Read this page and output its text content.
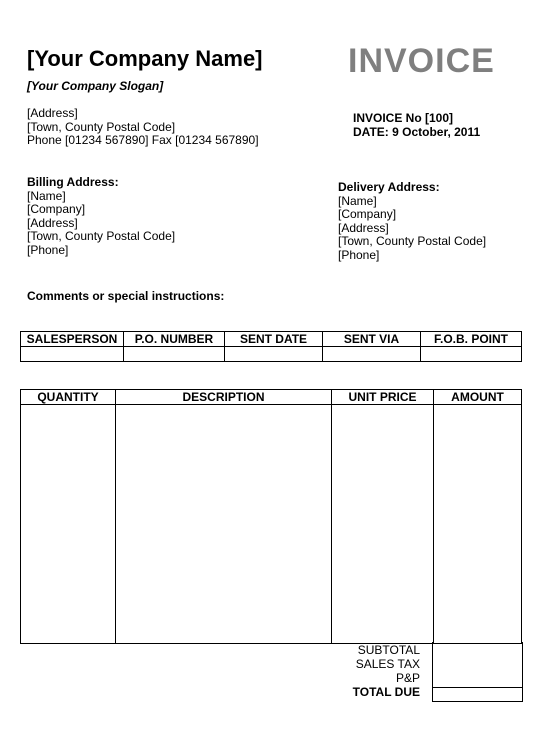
[Your Company Name]	INVOICE
[Your Company Slogan]
[Address]
[Town, County Postal Code]
Phone [01234 567890] Fax [01234 567890]
INVOICE No [100]
DATE: 9 October, 2011
Billing Address:
[Name]
[Company]
[Address]
[Town, County Postal Code]
[Phone]
Delivery Address:
[Name]
[Company]
[Address]
[Town, County Postal Code]
[Phone]
Comments or special instructions:
SALESPERSON	P.O. NUMBER	SENT DATE	SENT VIA	F.O.B. POINT

QUANTITY	DESCRIPTION	UNIT PRICE	AMOUNT

SUBTOTAL
SALES TAX
P&P
TOTAL DUE
